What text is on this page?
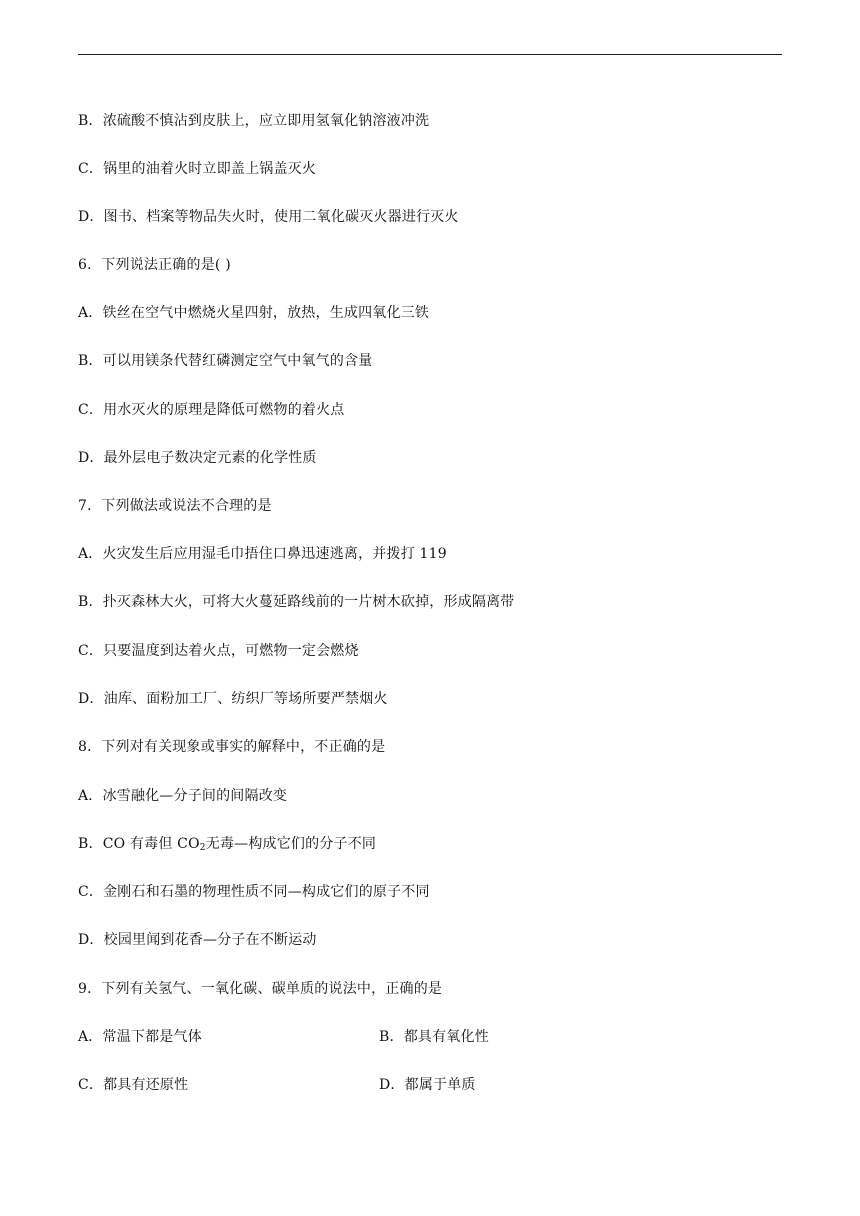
B．浓硫酸不慎沾到皮肤上，应立即用氢氧化钠溶液冲洗
C．锅里的油着火时立即盖上锅盖灭火
D．图书、档案等物品失火时，使用二氧化碳灭火器进行灭火
6．下列说法正确的是( )
A．铁丝在空气中燃烧火星四射，放热，生成四氧化三铁
B．可以用镁条代替红磷测定空气中氧气的含量
C．用水灭火的原理是降低可燃物的着火点
D．最外层电子数决定元素的化学性质
7．下列做法或说法不合理的是
A．火灾发生后应用湿毛巾捂住口鼻迅速逃离，并拨打 119
B．扑灭森林大火，可将大火蔓延路线前的一片树木砍掉，形成隔离带
C．只要温度到达着火点，可燃物一定会燃烧
D．油库、面粉加工厂、纺织厂等场所要严禁烟火
8．下列对有关现象或事实的解释中，不正确的是
A．冰雪融化—分子间的间隔改变
B．CO 有毒但 $CO_2$无毒—构成它们的分子不同
C．金刚石和石墨的物理性质不同—构成它们的原子不同
D．校园里闻到花香—分子在不断运动
9．下列有关氢气、一氧化碳、碳单质的说法中，正确的是
A．常温下都是气体	B．都具有氧化性
C．都具有还原性	D．都属于单质
